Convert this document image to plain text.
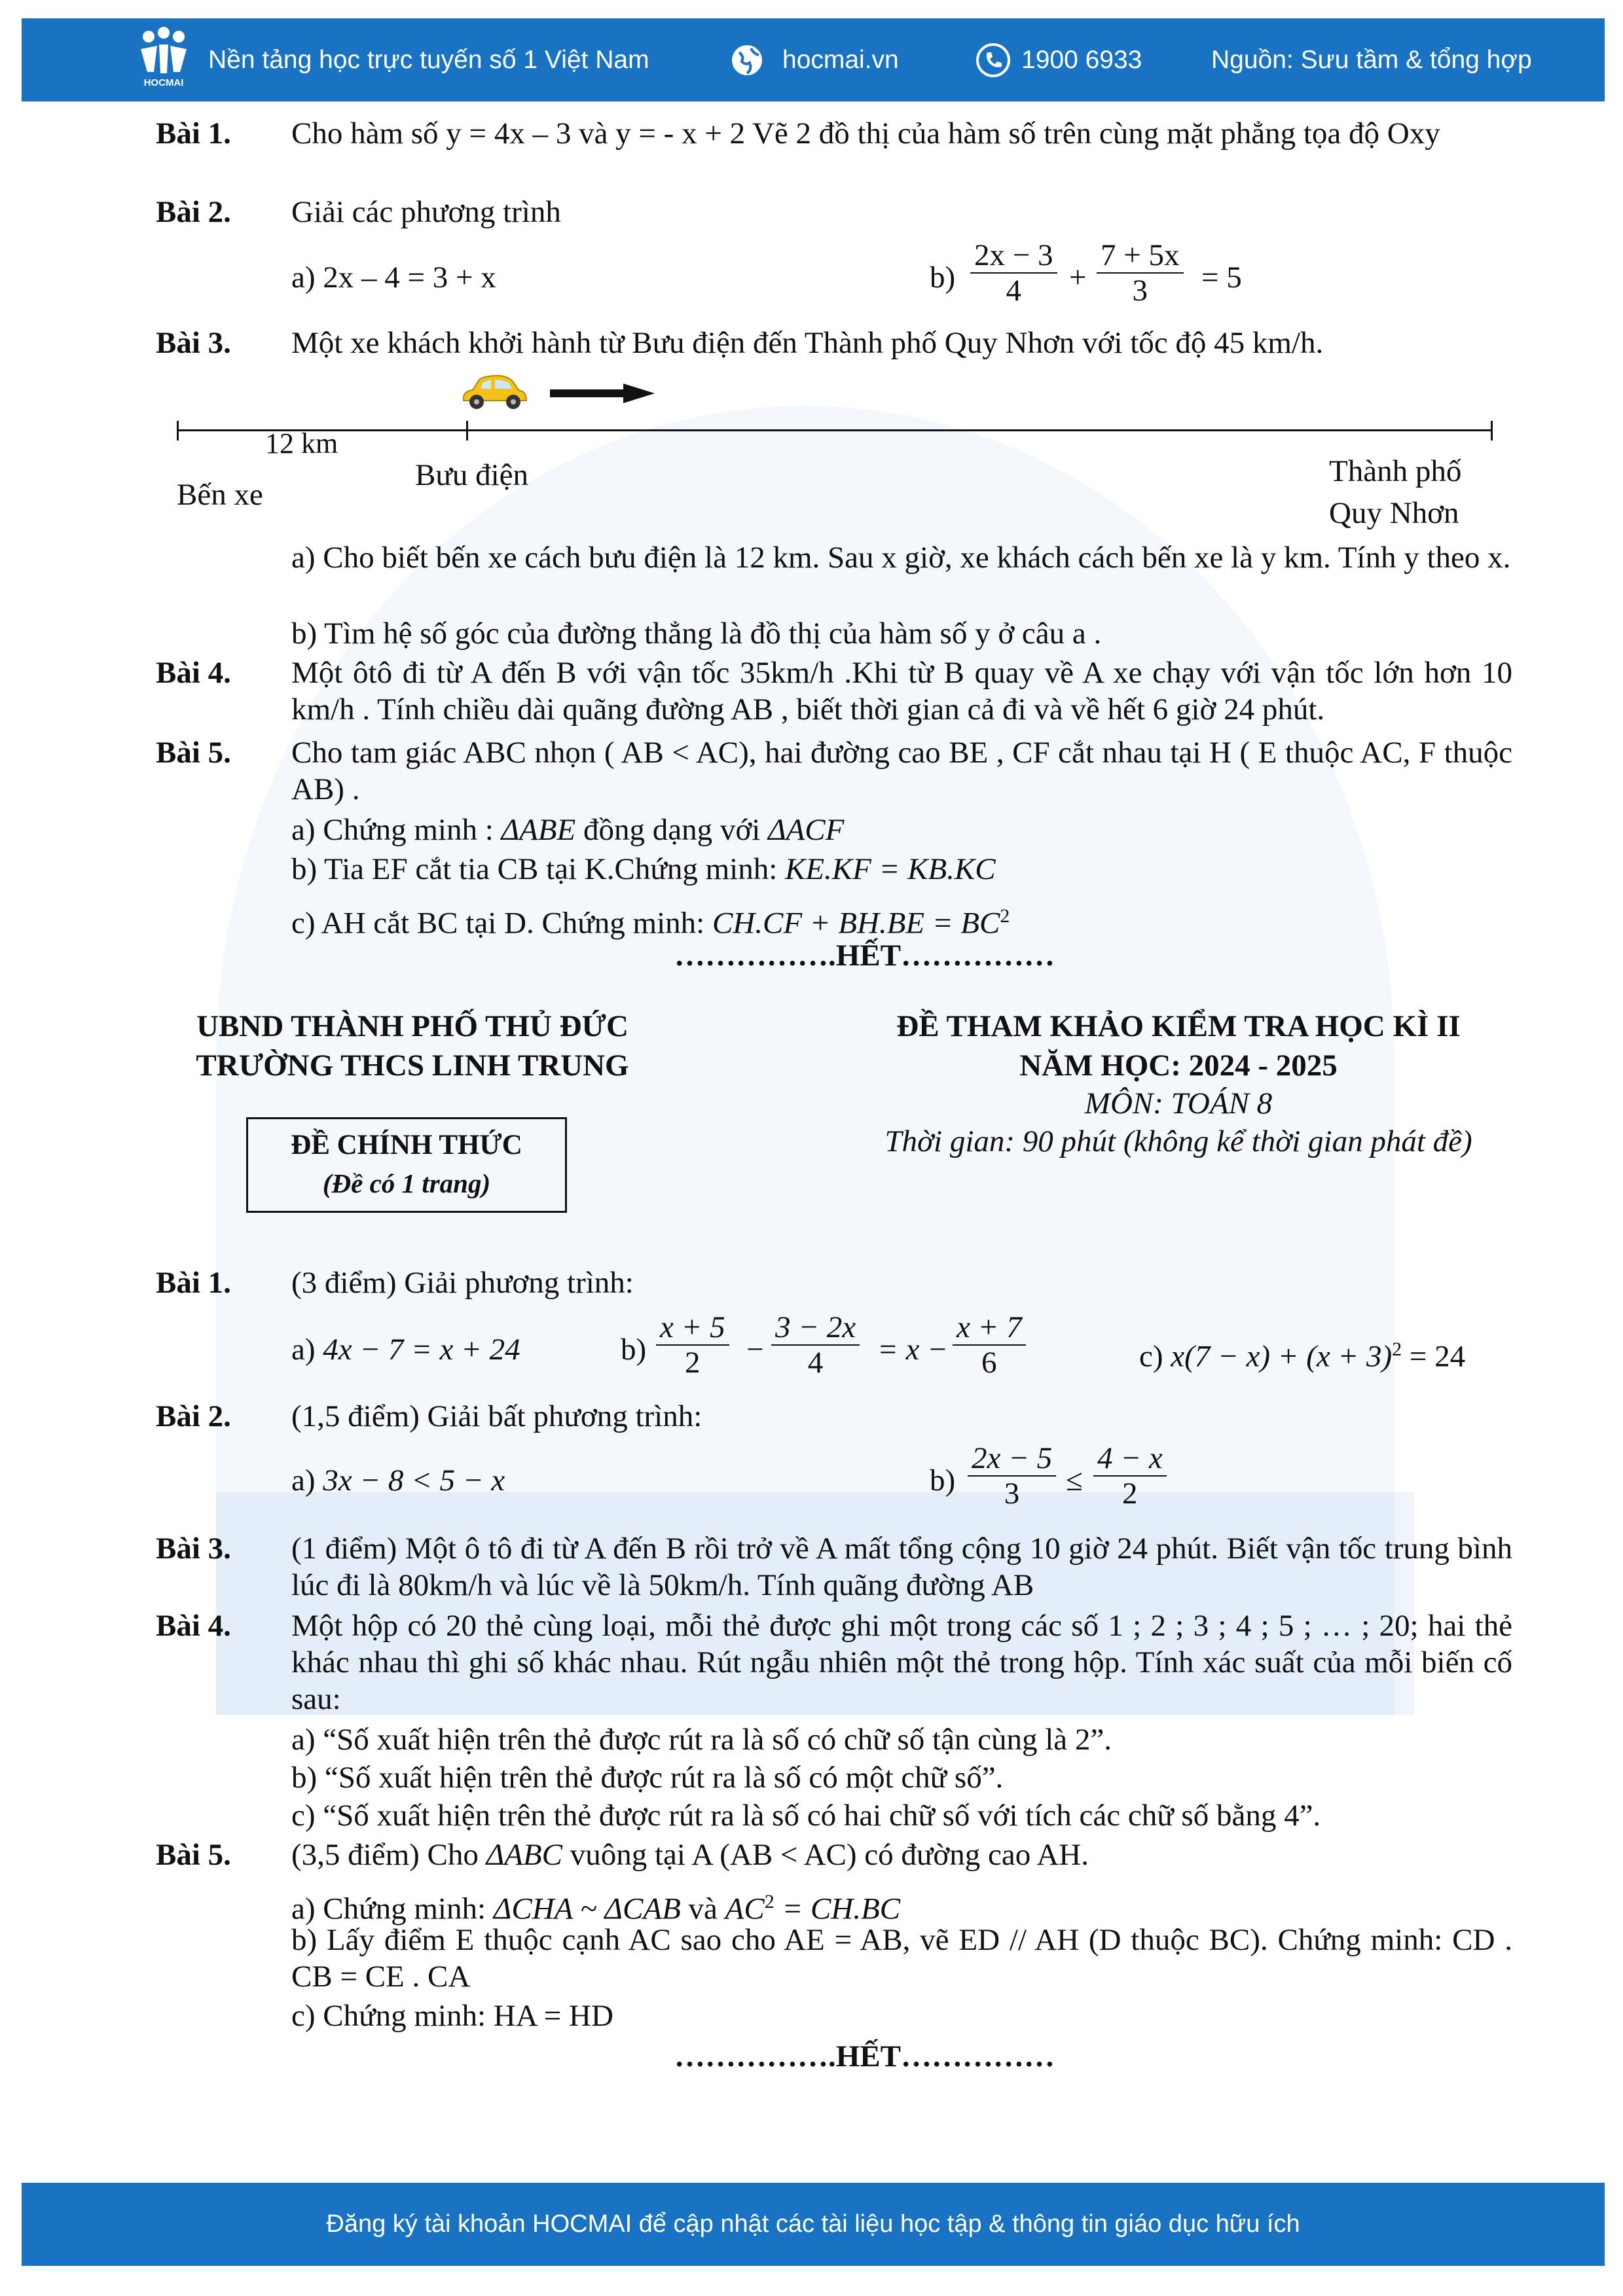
HOCMAI
Nền tảng học trực tuyến số 1 Việt Nam	hocmai.vn	1900 6933	Nguồn: Sưu tầm & tổng hợp
Bài 1. Cho hàm số y = 4x – 3 và y = - x + 2 Vẽ 2 đồ thị của hàm số trên cùng mặt phẳng tọa độ Oxy
Bài 2. Giải các phương trình
a) 2x – 4 = 3 + x	b)
2x − 3
4	+
7 + 5x
3	= 5
Bài 3. Một xe khách khởi hành từ Bưu điện đến Thành phố Quy Nhơn với tốc độ 45 km/h.
12 km
Bến xe
Bưu điện	Thành phố
Quy Nhơn
a) Cho biết bến xe cách bưu điện là 12 km. Sau x giờ, xe khách cách bến xe là y km. Tính y theo x.
b) Tìm hệ số góc của đường thẳng là đồ thị của hàm số y ở câu a .
Bài 4. Một ôtô đi từ A đến B với vận tốc 35km/h .Khi từ B quay về A xe chạy với vận tốc lớn hơn 10 km/h . Tính chiều dài quãng đường AB , biết thời gian cả đi và về hết 6 giờ 24 phút.
Bài 5. Cho tam giác ABC nhọn ( AB < AC), hai đường cao BE , CF cắt nhau tại H ( E thuộc AC, F thuộc AB) .
a) Chứng minh : ΔABE đồng dạng với ΔACF
b) Tia EF cắt tia CB tại K.Chứng minh: KE.KF = KB.KC
c) AH cắt BC tại D. Chứng minh: $CH.CF + BH.BE = BC^2$
…………….HẾT……………
UBND THÀNH PHỐ THỦ ĐỨC
TRƯỜNG THCS LINH TRUNG
ĐỀ CHÍNH THỨC
(Đề có 1 trang)
ĐỀ THAM KHẢO KIỂM TRA HỌC KÌ II
NĂM HỌC: 2024 - 2025
MÔN: TOÁN 8
Thời gian: 90 phút (không kể thời gian phát đề)
Bài 1. (3 điểm) Giải phương trình:
a) 4x − 7 = x + 24	b)
x + 5
2	−
3 − 2x
4	= x −
x + 7
6	c) $x(7 - x) + (x + 3)^2 = 24$
Bài 2. (1,5 điểm) Giải bất phương trình:
a) 3x − 8 < 5 − x	b)
2x − 5
3	≤
4 − x
2
Bài 3. (1 điểm) Một ô tô đi từ A đến B rồi trở về A mất tổng cộng 10 giờ 24 phút. Biết vận tốc trung bình lúc đi là 80km/h và lúc về là 50km/h. Tính quãng đường AB
Bài 4. Một hộp có 20 thẻ cùng loại, mỗi thẻ được ghi một trong các số 1 ; 2 ; 3 ; 4 ; 5 ; … ; 20; hai thẻ khác nhau thì ghi số khác nhau. Rút ngẫu nhiên một thẻ trong hộp. Tính xác suất của mỗi biến cố sau:
a) “Số xuất hiện trên thẻ được rút ra là số có chữ số tận cùng là 2”.
b) “Số xuất hiện trên thẻ được rút ra là số có một chữ số”.
c) “Số xuất hiện trên thẻ được rút ra là số có hai chữ số với tích các chữ số bằng 4”.
Bài 5. (3,5 điểm) Cho ΔABC vuông tại A (AB < AC) có đường cao AH.
a) Chứng minh: ΔCHA ~ ΔCAB và $AC^2 = CH.BC$
b) Lấy điểm E thuộc cạnh AC sao cho AE = AB, vẽ ED // AH (D thuộc BC). Chứng minh: CD . CB = CE . CA
c) Chứng minh: HA = HD
…………….HẾT……………
Đăng ký tài khoản HOCMAI để cập nhật các tài liệu học tập & thông tin giáo dục hữu ích
